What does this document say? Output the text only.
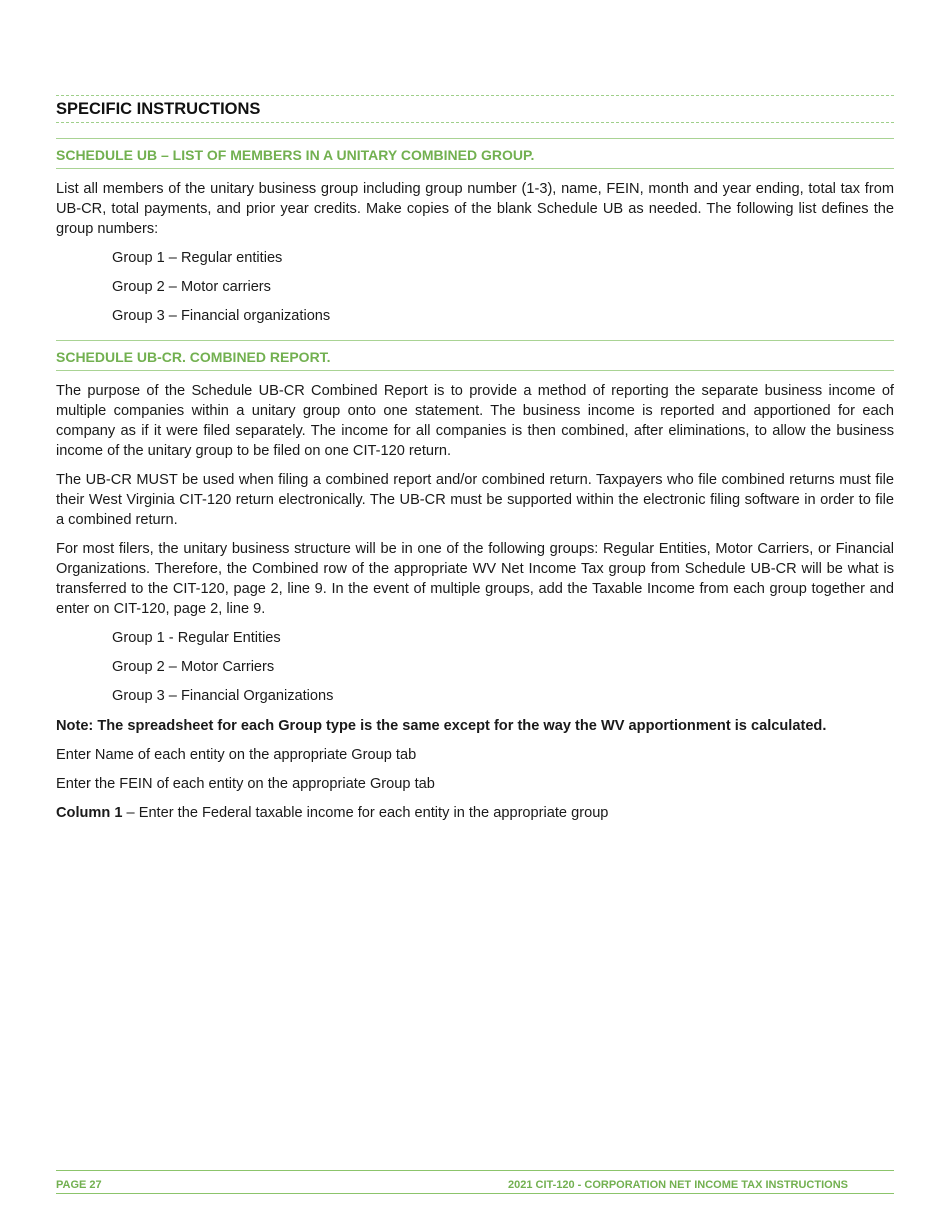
SPECIFIC INSTRUCTIONS
SCHEDULE UB – LIST OF MEMBERS IN A UNITARY COMBINED GROUP.

List all members of the unitary business group including group number (1-3), name, FEIN, month and year ending, total tax from UB-CR, total payments, and prior year credits. Make copies of the blank Schedule UB as needed. The following list defines the group numbers:

Group 1 – Regular entities

Group 2 – Motor carriers

Group 3 – Financial organizations

SCHEDULE UB-CR. COMBINED REPORT.

The purpose of the Schedule UB-CR Combined Report is to provide a method of reporting the separate business income of multiple companies within a unitary group onto one statement. The business income is reported and apportioned for each company as if it were filed separately. The income for all companies is then combined, after eliminations, to allow the business income of the unitary group to be filed on one CIT-120 return.

The UB-CR MUST be used when filing a combined report and/or combined return. Taxpayers who file combined returns must file their West Virginia CIT-120 return electronically. The UB-CR must be supported within the electronic filing software in order to file a combined return.

For most filers, the unitary business structure will be in one of the following groups: Regular Entities, Motor Carriers, or Financial Organizations. Therefore, the Combined row of the appropriate WV Net Income Tax group from Schedule UB-CR will be what is transferred to the CIT-120, page 2, line 9. In the event of multiple groups, add the Taxable Income from each group together and enter on CIT-120, page 2, line 9.

Group 1 - Regular Entities

Group 2 – Motor Carriers

Group 3 – Financial Organizations

Note: The spreadsheet for each Group type is the same except for the way the WV apportionment is calculated.

Enter Name of each entity on the appropriate Group tab

Enter the FEIN of each entity on the appropriate Group tab

Column 1 – Enter the Federal taxable income for each entity in the appropriate group

PAGE 27	2021 CIT-120 - CORPORATION NET INCOME TAX INSTRUCTIONS
